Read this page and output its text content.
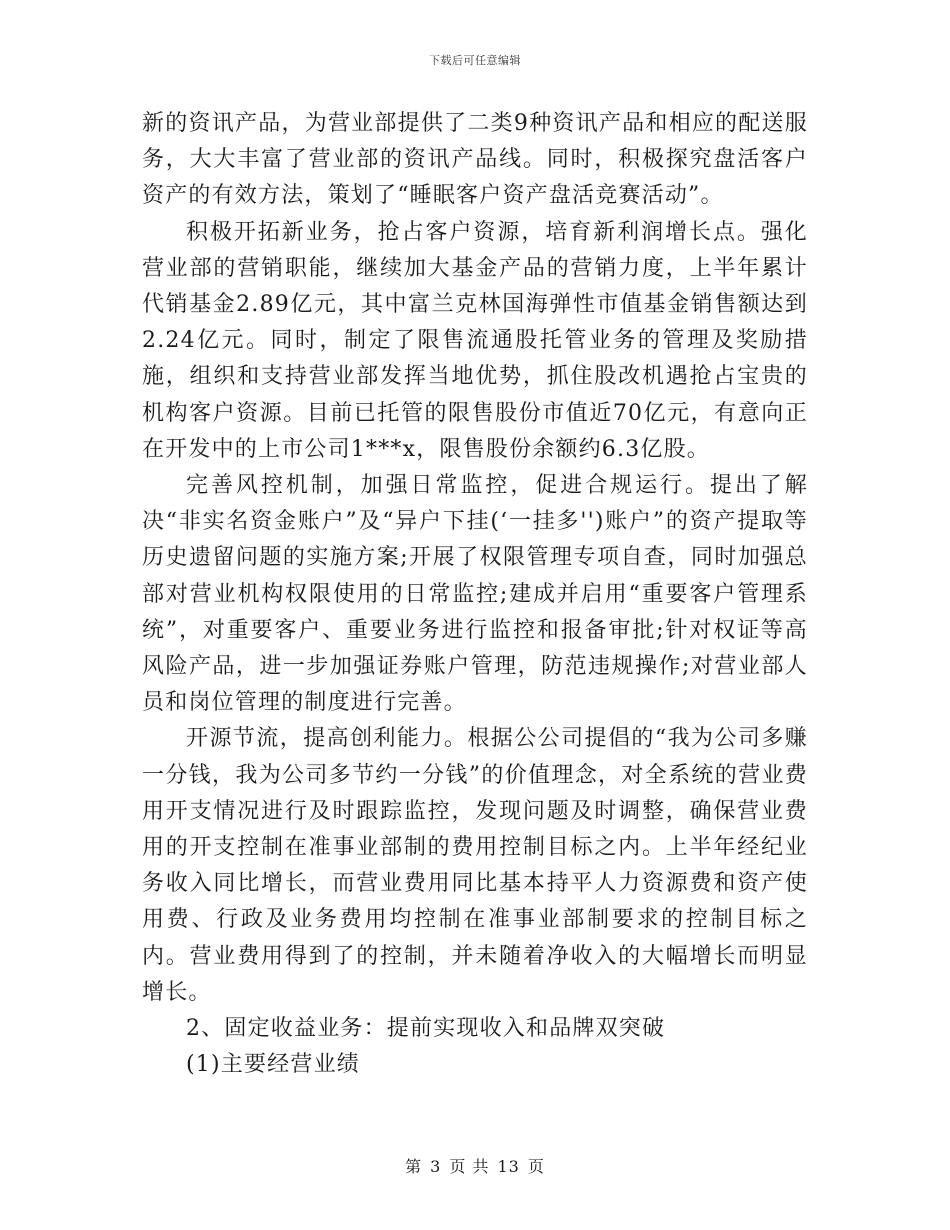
下载后可任意编辑

新的资讯产品，为营业部提供了二类9种资讯产品和相应的配送服务，大大丰富了营业部的资讯产品线。同时，积极探究盘活客户资产的有效方法，策划了“睡眠客户资产盘活竞赛活动”。

积极开拓新业务，抢占客户资源，培育新利润增长点。强化营业部的营销职能，继续加大基金产品的营销力度，上半年累计代销基金2.89亿元，其中富兰克林国海弹性市值基金销售额达到2.24亿元。同时，制定了限售流通股托管业务的管理及奖励措施，组织和支持营业部发挥当地优势，抓住股改机遇抢占宝贵的机构客户资源。目前已托管的限售股份市值近70亿元，有意向正在开发中的上市公司1***x，限售股份余额约6.3亿股。

完善风控机制，加强日常监控，促进合规运行。提出了解决“非实名资金账户”及“异户下挂(‘一挂多'')账户”的资产提取等历史遗留问题的实施方案;开展了权限管理专项自查，同时加强总部对营业机构权限使用的日常监控;建成并启用“重要客户管理系统”，对重要客户、重要业务进行监控和报备审批;针对权证等高风险产品，进一步加强证券账户管理，防范违规操作;对营业部人员和岗位管理的制度进行完善。

开源节流，提高创利能力。根据公公司提倡的“我为公司多赚一分钱，我为公司多节约一分钱”的价值理念，对全系统的营业费用开支情况进行及时跟踪监控，发现问题及时调整，确保营业费用的开支控制在准事业部制的费用控制目标之内。上半年经纪业务收入同比增长，而营业费用同比基本持平人力资源费和资产使用费、行政及业务费用均控制在准事业部制要求的控制目标之内。营业费用得到了的控制，并未随着净收入的大幅增长而明显增长。

2、固定收益业务：提前实现收入和品牌双突破

(1)主要经营业绩

第 3 页 共 13 页
